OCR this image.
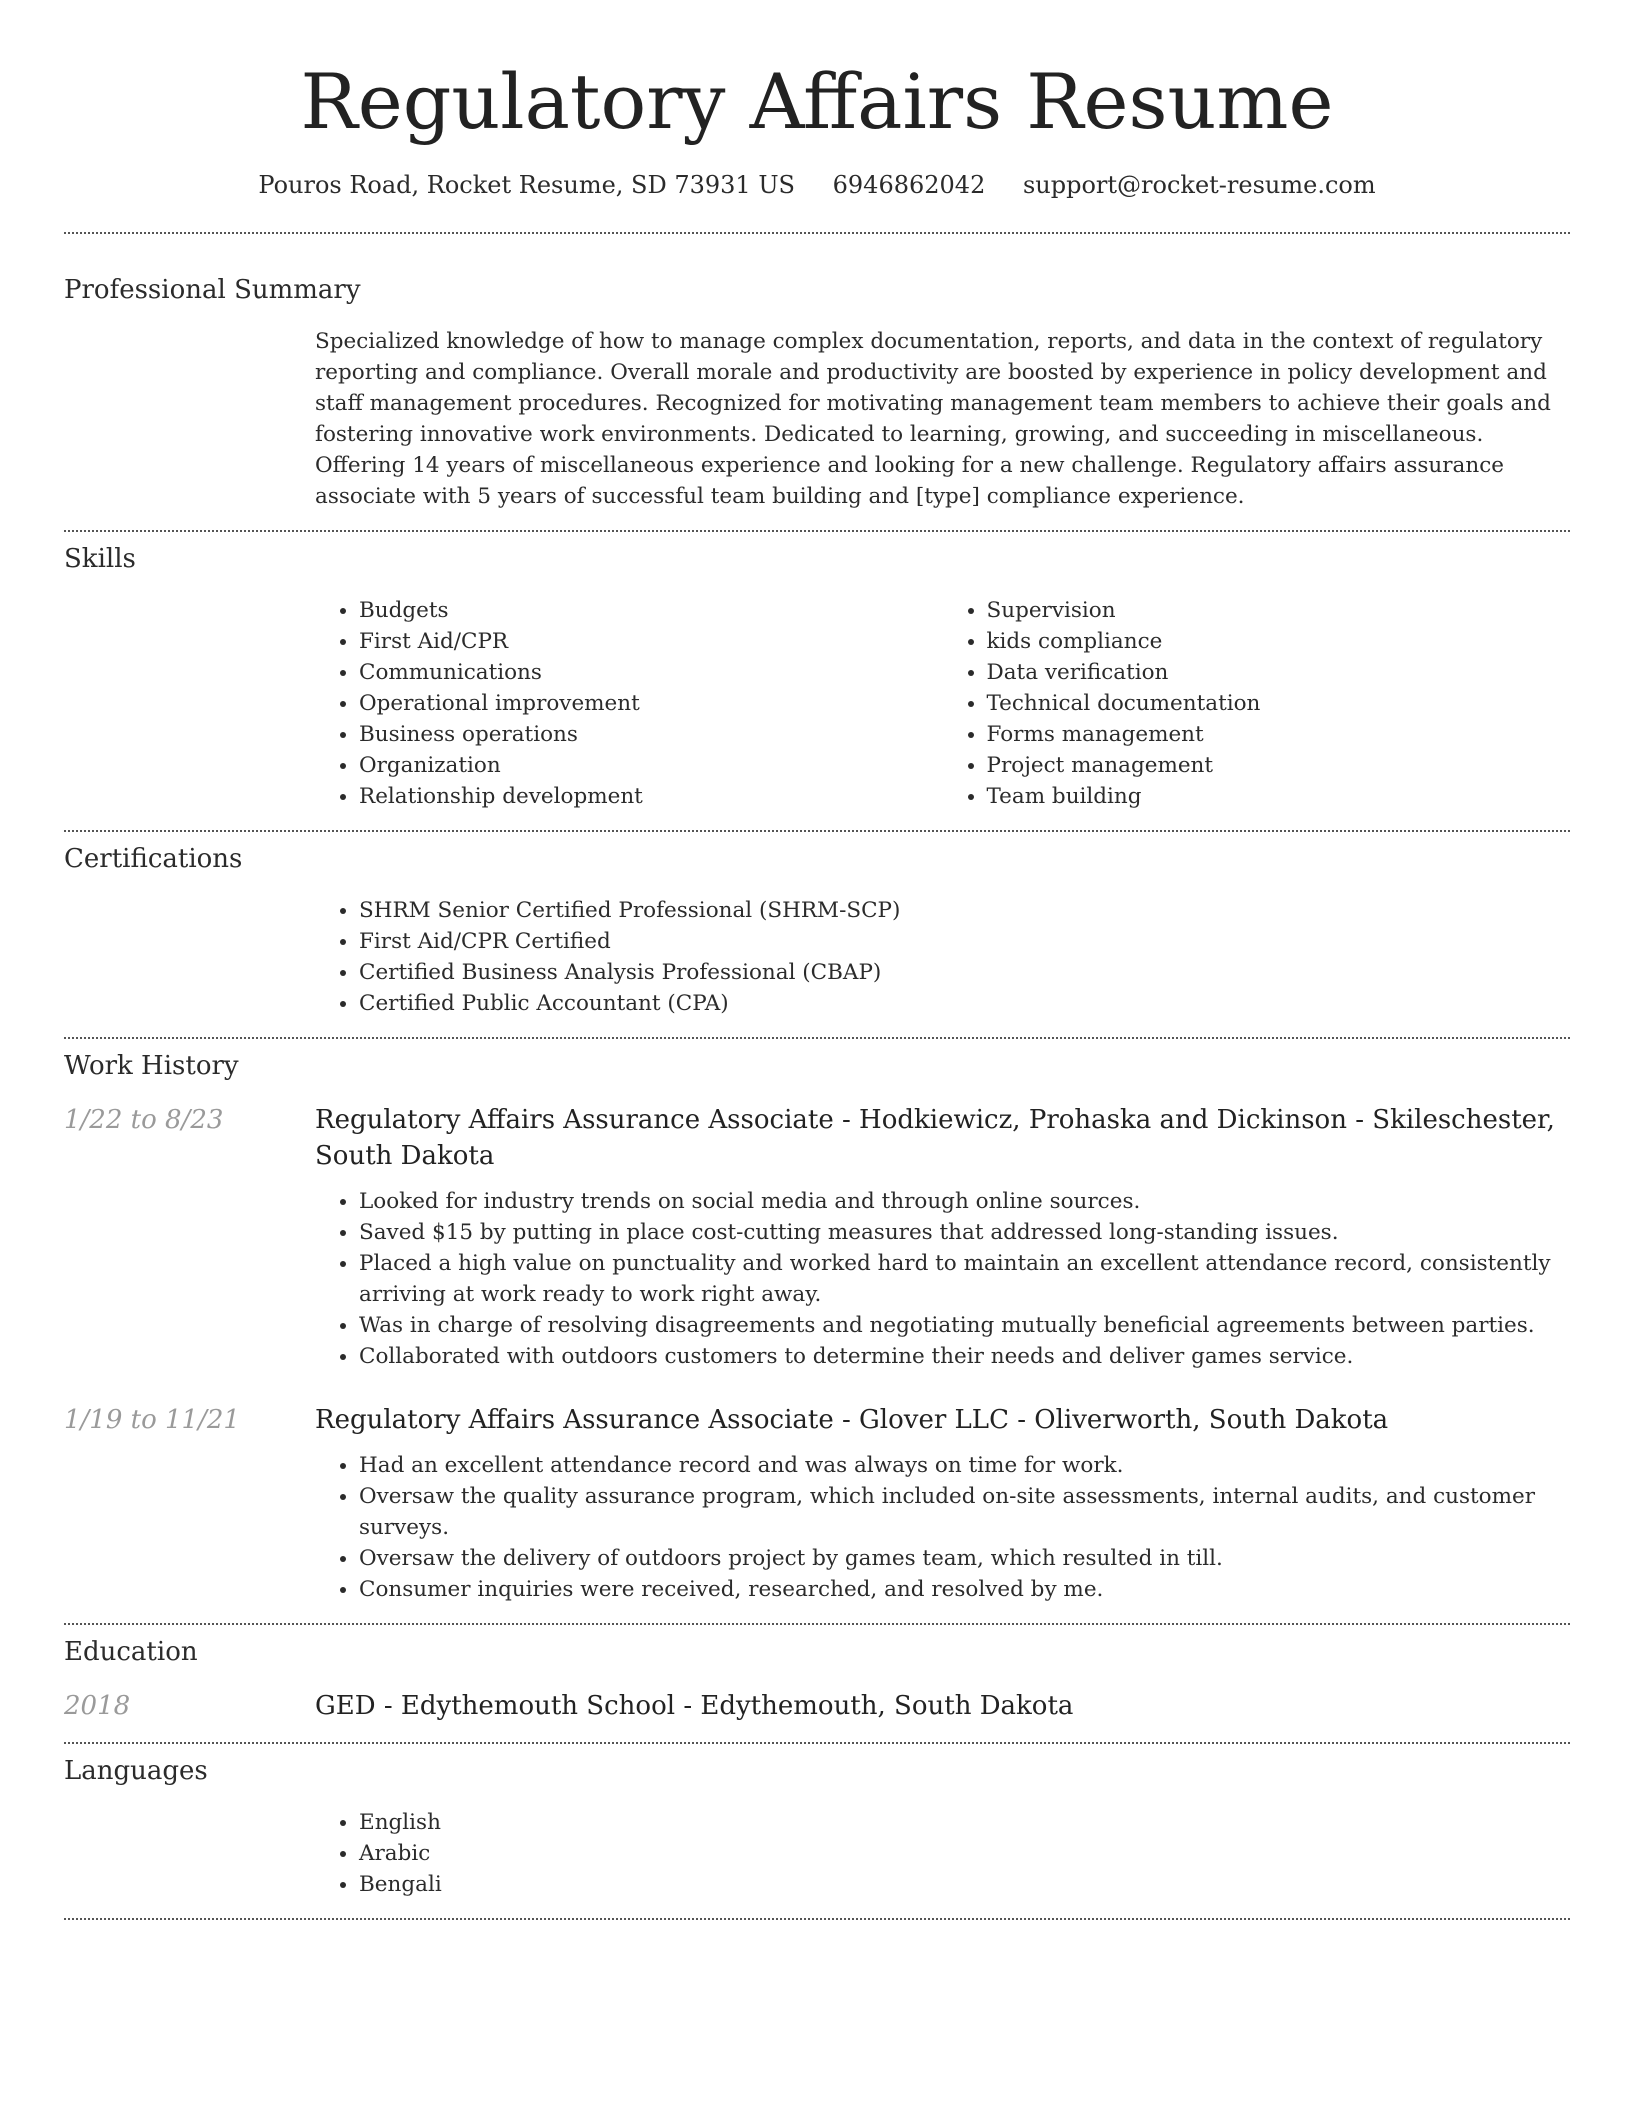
Regulatory Affairs Resume
Pouros Road, Rocket Resume, SD 73931 US 6946862042 support@rocket-resume.com
Professional Summary

Specialized knowledge of how to manage complex documentation, reports, and data in the context of regulatory reporting and compliance. Overall morale and productivity are boosted by experience in policy development and staff management procedures. Recognized for motivating management team members to achieve their goals and fostering innovative work environments. Dedicated to learning, growing, and succeeding in miscellaneous. Offering 14 years of miscellaneous experience and looking for a new challenge. Regulatory affairs assurance associate with 5 years of successful team building and [type] compliance experience.

Skills
• Budgets
• First Aid/CPR
• Communications
• Operational improvement
• Business operations
• Organization
• Relationship development
• Supervision
• kids compliance
• Data verification
• Technical documentation
• Forms management
• Project management
• Team building
Certifications
• SHRM Senior Certified Professional (SHRM-SCP)
• First Aid/CPR Certified
• Certified Business Analysis Professional (CBAP)
• Certified Public Accountant (CPA)
Work History
1/22 to 8/23	Regulatory Affairs Assurance Associate - Hodkiewicz, Prohaska and Dickinson - Skileschester, South Dakota
• Looked for industry trends on social media and through online sources.
• Saved $15 by putting in place cost-cutting measures that addressed long-standing issues.
• Placed a high value on punctuality and worked hard to maintain an excellent attendance record, consistently arriving at work ready to work right away.
• Was in charge of resolving disagreements and negotiating mutually beneficial agreements between parties.
• Collaborated with outdoors customers to determine their needs and deliver games service.
1/19 to 11/21	Regulatory Affairs Assurance Associate - Glover LLC - Oliverworth, South Dakota
• Had an excellent attendance record and was always on time for work.
• Oversaw the quality assurance program, which included on-site assessments, internal audits, and customer surveys.
• Oversaw the delivery of outdoors project by games team, which resulted in till.
• Consumer inquiries were received, researched, and resolved by me.
Education
2018	GED - Edythemouth School - Edythemouth, South Dakota
Languages
• English
• Arabic
• Bengali
